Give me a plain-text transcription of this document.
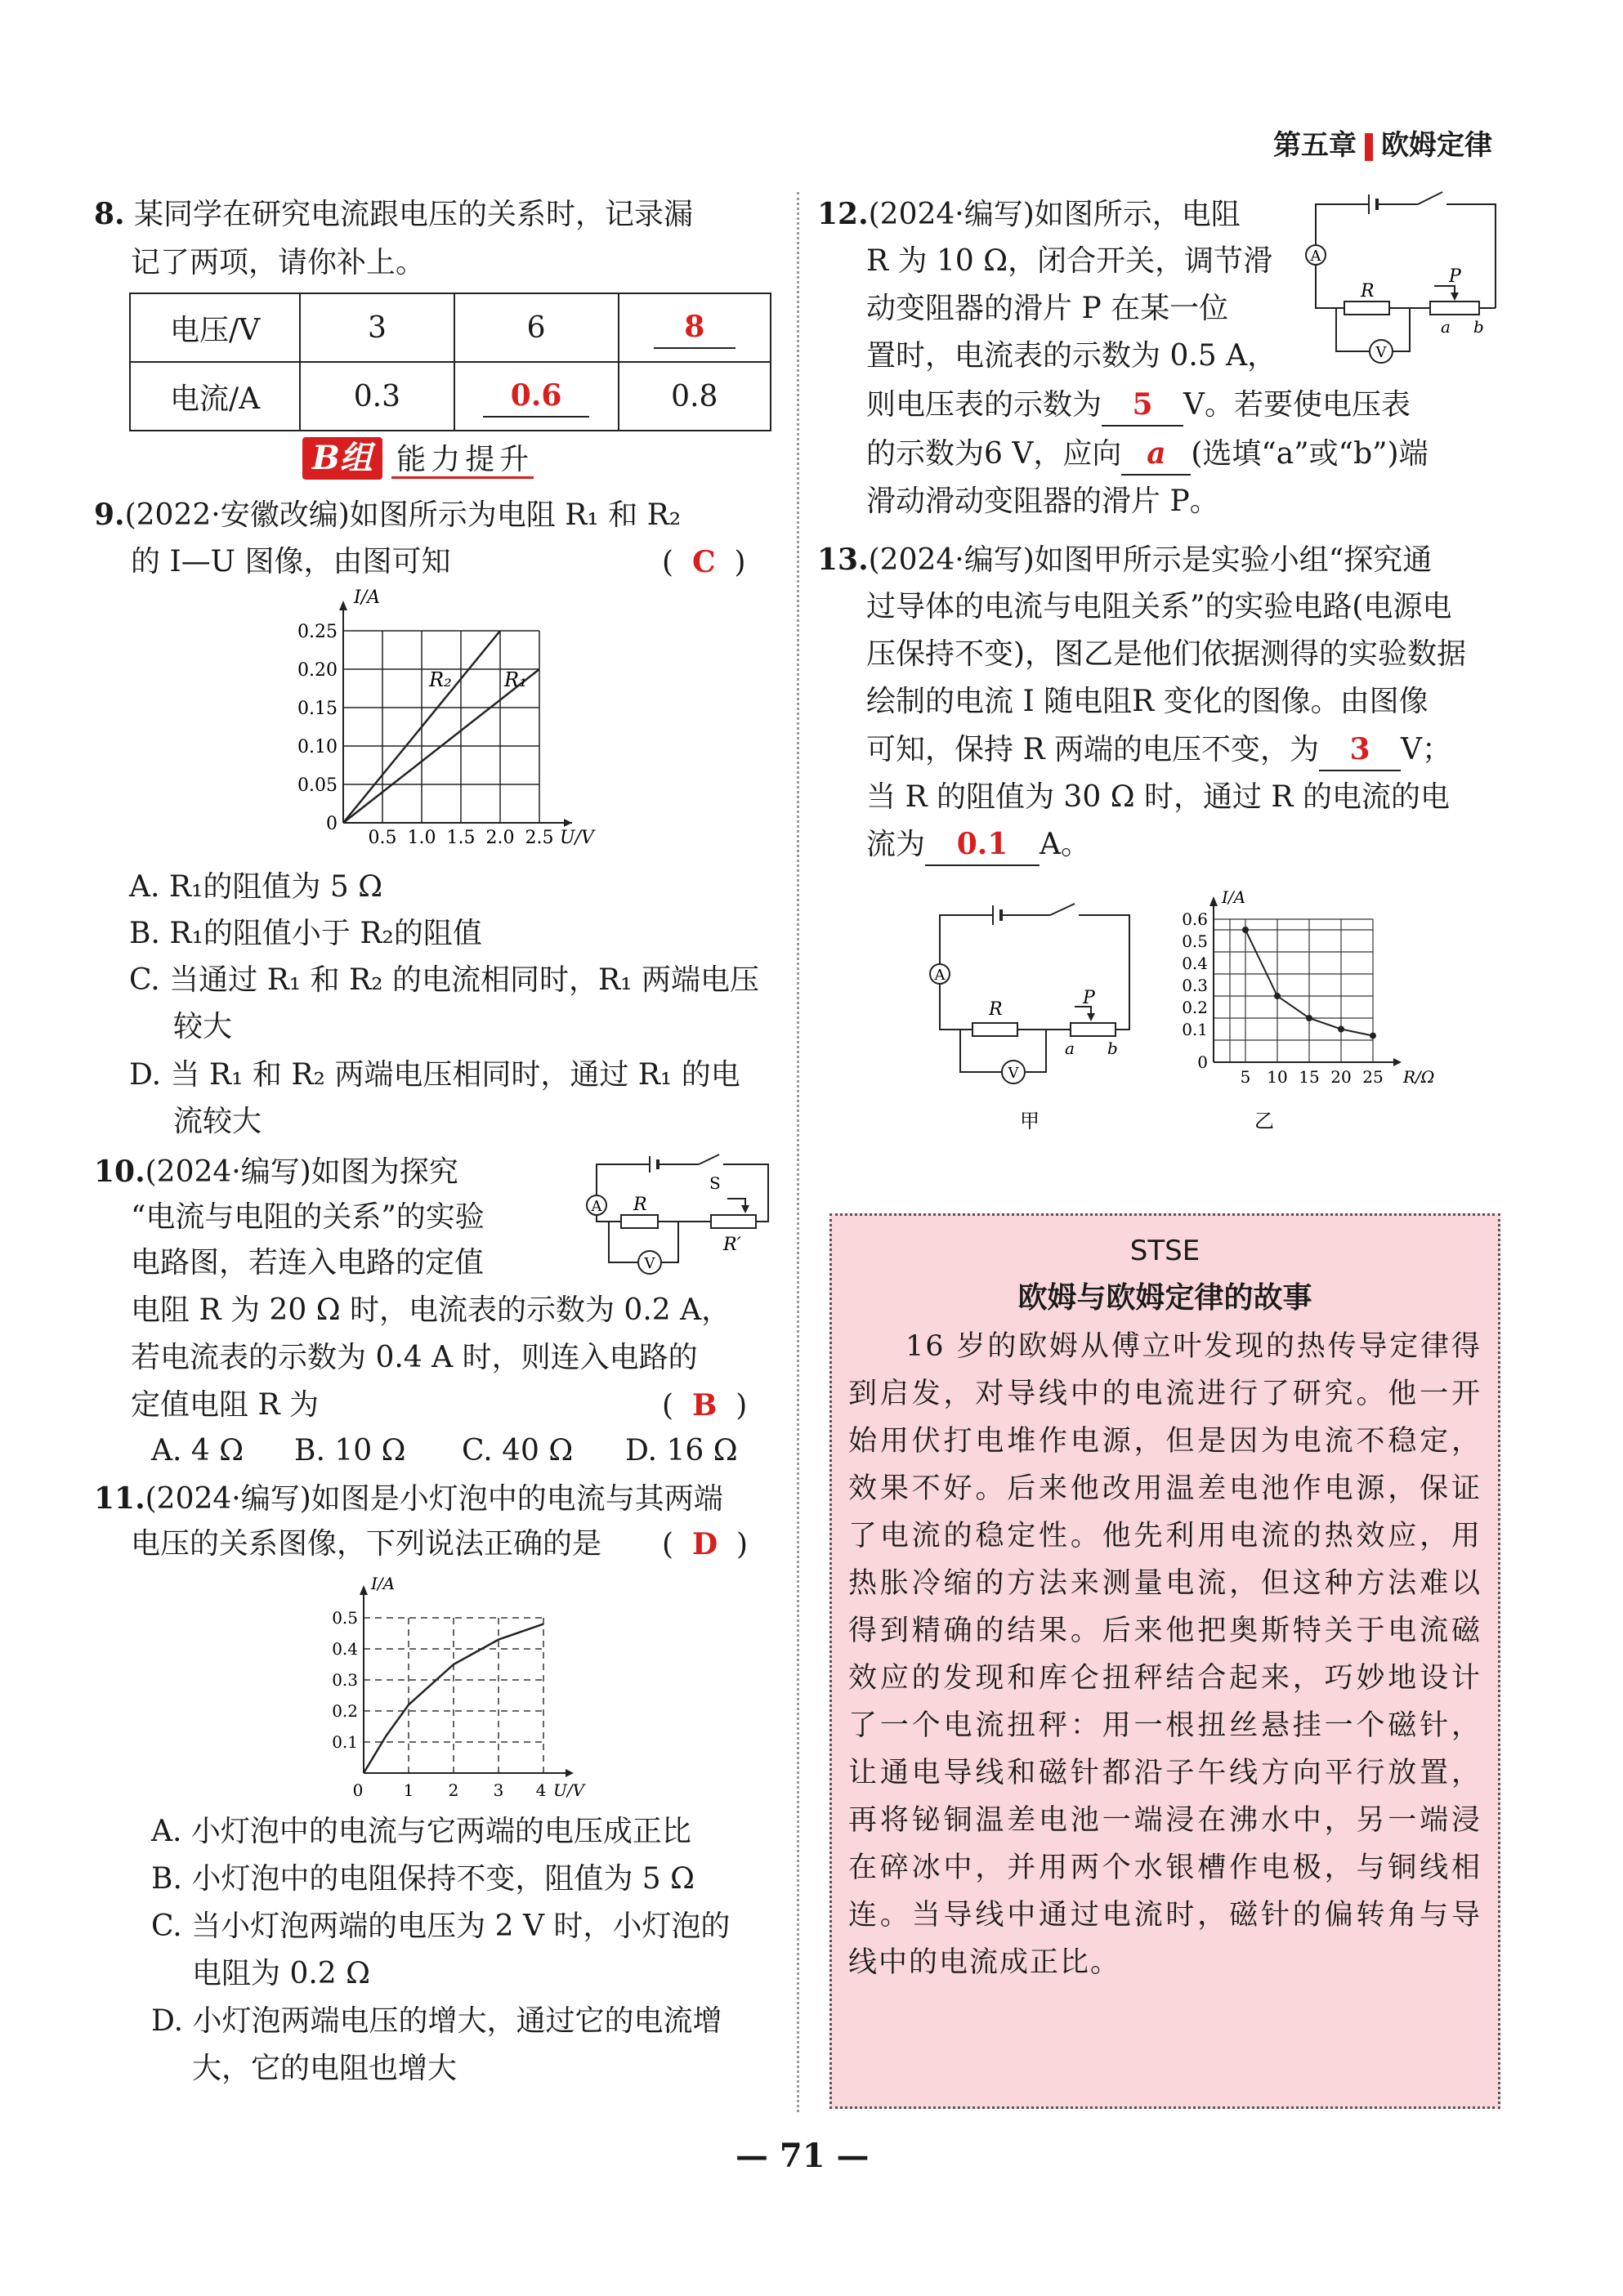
第五章 欧姆定律
8. 某同学在研究电流跟电压的关系时，记录漏
记了两项，请你补上。
电压/V	3	6	8
电流/A	0.3	0.6	0.8
B组 能力提升
9.(2022·安徽改编)如图所示为电阻 R₁ 和 R₂
的 I—U 图像，由图可知	( C )
I/A
U/V
0.25
0.20
0.15
0.10
0.05
0
0.5 1.0 1.5 2.0 2.5
R₂	R₁
A. R₁的阻值为 5 Ω
B. R₁的阻值小于 R₂的阻值
C. 当通过 R₁ 和 R₂ 的电流相同时，R₁ 两端电压
较大
D. 当 R₁ 和 R₂ 两端电压相同时，通过 R₁ 的电
流较大
10.(2024·编写)如图为探究
“电流与电阻的关系”的实验
电路图，若连入电路的定值
电阻 R 为 20 Ω 时，电流表的示数为 0.2 A，
若电流表的示数为 0.4 A 时，则连入电路的
定值电阻 R 为	( B )
A. 4 Ω B. 10 Ω C. 40 Ω D. 16 Ω
A
V
S
R
R′
11.(2024·编写)如图是小灯泡中的电流与其两端
电压的关系图像，下列说法正确的是 ( D )
I/A
U/V
0.5
0.4
0.3
0.2
0.1
0 1 2 3 4
A. 小灯泡中的电流与它两端的电压成正比
B. 小灯泡中的电阻保持不变，阻值为 5 Ω
C. 当小灯泡两端的电压为 2 V 时，小灯泡的
电阻为 0.2 Ω
D. 小灯泡两端电压的增大，通过它的电流增
大，它的电阻也增大
12.(2024·编写)如图所示，电阻
R 为 10 Ω，闭合开关，调节滑
动变阻器的滑片 P 在某一位
置时，电流表的示数为 0.5 A，
则电压表的示数为 5 V。若要使电压表
的示数为6 V，应向 a (选填“a”或“b”)端
滑动滑动变阻器的滑片 P。
A
V
R
P
a b
13.(2024·编写)如图甲所示是实验小组“探究通
过导体的电流与电阻关系”的实验电路(电源电
压保持不变)，图乙是他们依据测得的实验数据
绘制的电流 I 随电阻R 变化的图像。由图像
可知，保持 R 两端的电压不变，为 3 V；
当 R 的阻值为 30 Ω 时，通过 R 的电流的电
流为 0.1 A。
A
V
R
P
a b
甲
I/A
R/Ω
0.6
0.5
0.4
0.3
0.2
0.1
0
5 10 15 20 25
乙
STSE
欧姆与欧姆定律的故事

16 岁的欧姆从傅立叶发现的热传导定律得到启发，对导线中的电流进行了研究。他一开始用伏打电堆作电源，但是因为电流不稳定，效果不好。后来他改用温差电池作电源，保证了电流的稳定性。他先利用电流的热效应，用热胀冷缩的方法来测量电流，但这种方法难以得到精确的结果。后来他把奥斯特关于电流磁效应的发现和库仑扭秤结合起来，巧妙地设计了一个电流扭秤：用一根扭丝悬挂一个磁针，让通电导线和磁针都沿子午线方向平行放置，再将铋铜温差电池一端浸在沸水中，另一端浸在碎冰中，并用两个水银槽作电极，与铜线相连。当导线中通过电流时，磁针的偏转角与导线中的电流成正比。

— 71 —
